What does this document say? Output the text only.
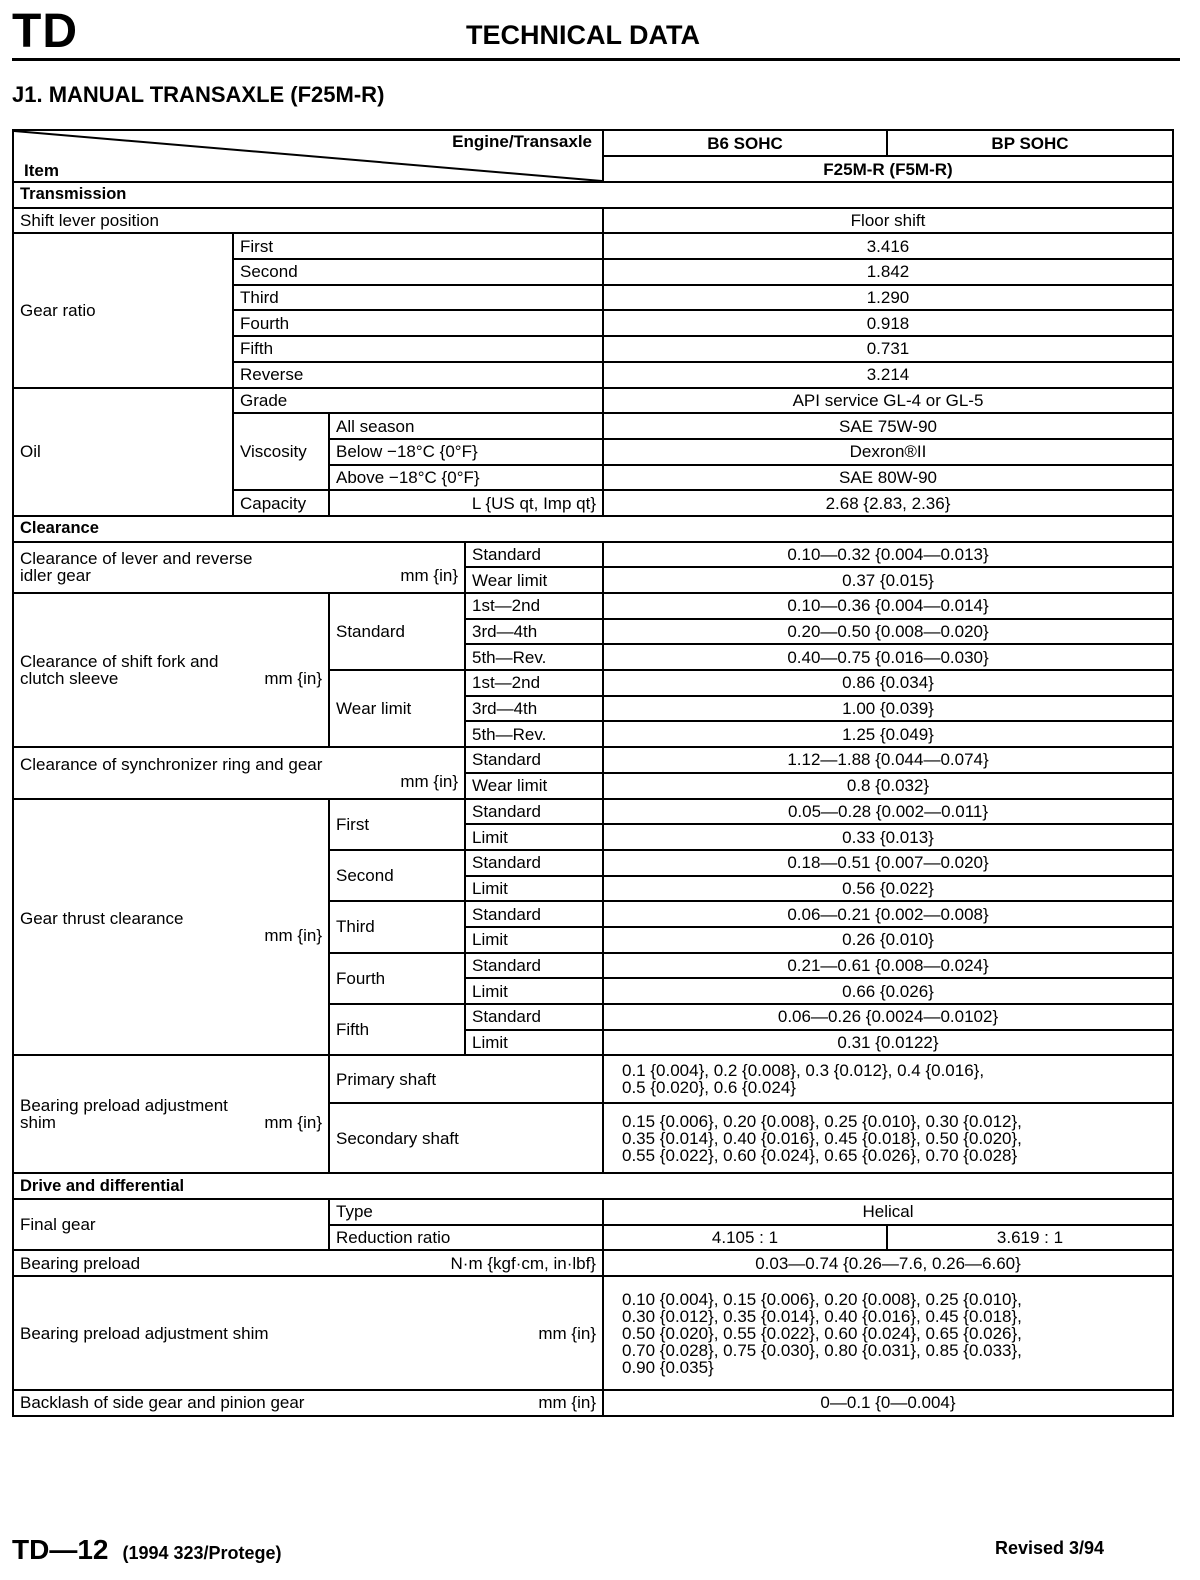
TD	TECHNICAL DATA
J1. MANUAL TRANSAXLE (F25M-R)
Engine/Transaxle
Item				B6 SOHC	BP SOHC
				F25M-R (F5M-R)	
Transmission					
Shift lever position				Floor shift	
Gear ratio	First			3.416	
	Second			1.842	
	Third			1.290	
	Fourth			0.918	
	Fifth			0.731	
	Reverse			3.214	
Oil	Grade			API service GL-4 or GL-5	
	Viscosity	All season		SAE 75W-90	
		Below −18°C {0°F}		Dexron®II	
		Above −18°C {0°F}		SAE 80W-90	
	Capacity	L {US qt, Imp qt}		2.68 {2.83, 2.36}	
Clearance					

Clearance of lever and reverse
idler gear mm {in}			Standard	0.10—0.32 {0.004—0.013}	
			Wear limit	0.37 {0.015}	

Clearance of shift fork and
clutch sleeve mm {in}		Standard	1st—2nd	0.10—0.36 {0.004—0.014}	
			3rd—4th	0.20—0.50 {0.008—0.020}	
			5th—Rev.	0.40—0.75 {0.016—0.030}	
		Wear limit	1st—2nd	0.86 {0.034}	
			3rd—4th	1.00 {0.039}	
			5th—Rev.	1.25 {0.049}	

Clearance of synchronizer ring and gear
mm {in}			Standard	1.12—1.88 {0.044—0.074}	
			Wear limit	0.8 {0.032}	

Gear thrust clearance
mm {in}		First	Standard	0.05—0.28 {0.002—0.011}	
			Limit	0.33 {0.013}	
		Second	Standard	0.18—0.51 {0.007—0.020}	
			Limit	0.56 {0.022}	
		Third	Standard	0.06—0.21 {0.002—0.008}	
			Limit	0.26 {0.010}	
		Fourth	Standard	0.21—0.61 {0.008—0.024}	
			Limit	0.66 {0.026}	
		Fifth	Standard	0.06—0.26 {0.0024—0.0102}	
			Limit	0.31 {0.0122}	

Bearing preload adjustment
shim mm {in}		Primary shaft		0.1 {0.004}, 0.2 {0.008}, 0.3 {0.012}, 0.4 {0.016},
0.5 {0.020}, 0.6 {0.024}	

		Secondary shaft		0.15 {0.006}, 0.20 {0.008}, 0.25 {0.010}, 0.30 {0.012},
0.35 {0.014}, 0.40 {0.016}, 0.45 {0.018}, 0.50 {0.020},
0.55 {0.022}, 0.60 {0.024}, 0.65 {0.026}, 0.70 {0.028}	

Drive and differential					
Final gear		Type		Helical	
		Reduction ratio		4.105 : 1	3.619 : 1
Bearing preload N·m {kgf·cm, in·lbf}				0.03—0.74 {0.26—7.6, 0.26—6.60}	
Bearing preload adjustment shim mm {in}				0.10 {0.004}, 0.15 {0.006}, 0.20 {0.008}, 0.25 {0.010},
0.30 {0.012}, 0.35 {0.014}, 0.40 {0.016}, 0.45 {0.018},
0.50 {0.020}, 0.55 {0.022}, 0.60 {0.024}, 0.65 {0.026},
0.70 {0.028}, 0.75 {0.030}, 0.80 {0.031}, 0.85 {0.033},
0.90 {0.035}	

Backlash of side gear and pinion gear mm {in}				0—0.1 {0—0.004}	
TD—12 (1994 323/Protege)	Revised 3/94
